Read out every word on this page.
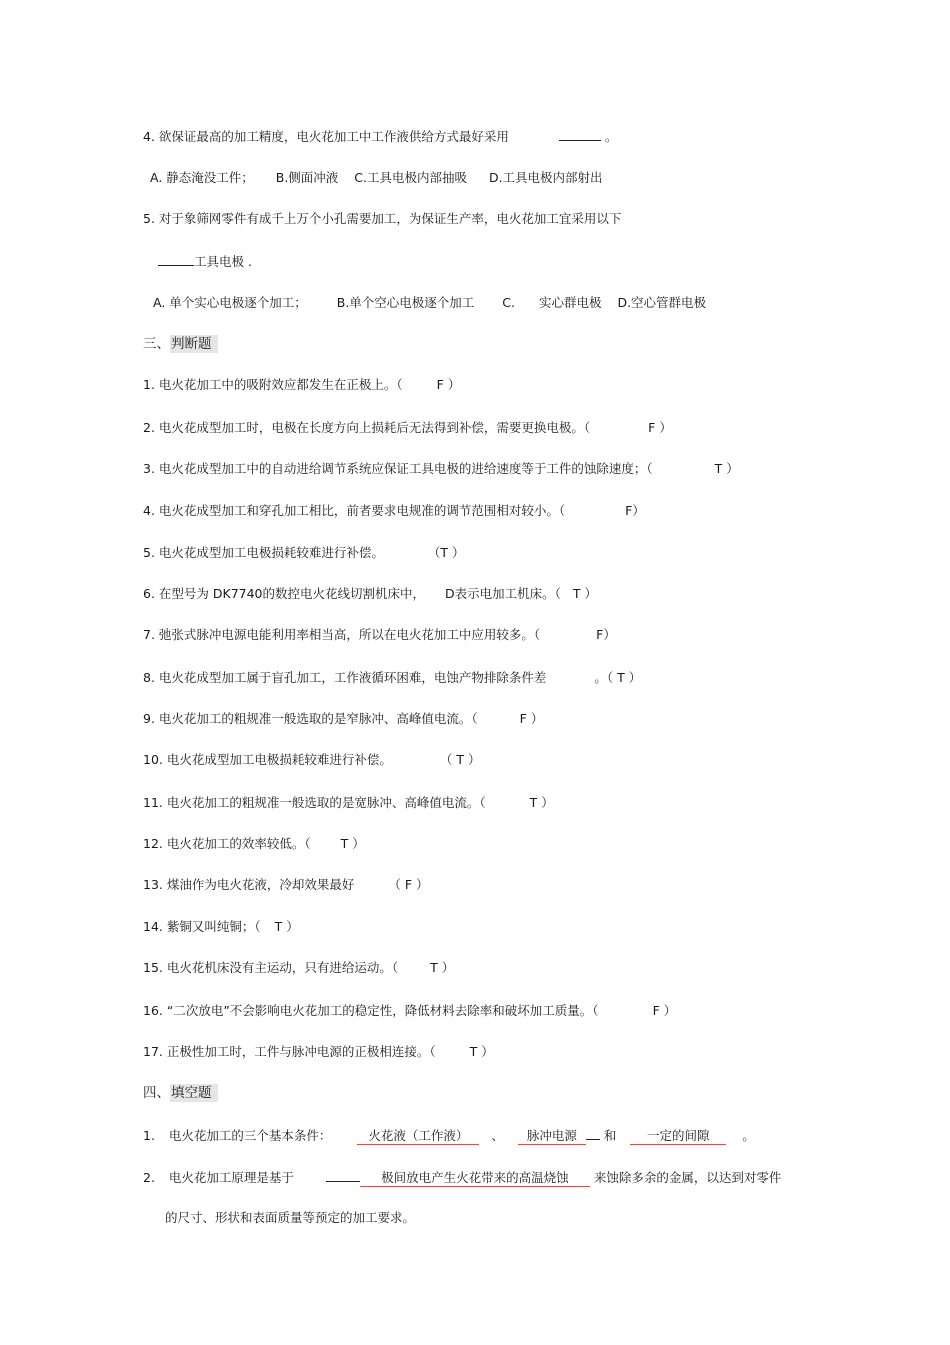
4. 欲保证最高的加工精度，电火花加工中工作液供给方式最好采用	。
A. 静态淹没工件； B.侧面冲液 C.工具电极内部抽吸 D.工具电极内部射出
5. 对于象筛网零件有成千上万个小孔需要加工，为保证生产率，电火花加工宜采用以下
工具电极 .
A. 单个实心电极逐个加工； B.单个空心电极逐个加工 C. 实心群电极 D.空心管群电极
三、判断题
1. 电火花加工中的吸附效应都发生在正极上。（	F ）
2. 电火花成型加工时，电极在长度方向上损耗后无法得到补偿，需要更换电极。（	F ）
3. 电火花成型加工中的自动进给调节系统应保证工具电极的进给速度等于工件的蚀除速度；（	T ）
4. 电火花成型加工和穿孔加工相比，前者要求电规准的调节范围相对较小。（	F）
5. 电火花成型加工电极损耗较难进行补偿。	（T ）
6. 在型号为 DK7740的数控电火花线切割机床中， D表示电加工机床。（ T ）
7. 弛张式脉冲电源电能利用率相当高，所以在电火花加工中应用较多。（	F）
8. 电火花成型加工属于盲孔加工，工作液循环困难，电蚀产物排除条件差	。（ T ）
9. 电火花加工的粗规准一般选取的是窄脉冲、高峰值电流。（	F ）
10. 电火花成型加工电极损耗较难进行补偿。	（ T ）
11. 电火花加工的粗规准一般选取的是宽脉冲、高峰值电流。（	T ）
12. 电火花加工的效率较低。（ T ）
13. 煤油作为电火花液，冷却效果最好	（ F ）
14. 紫铜又叫纯铜；（ T ）
15. 电火花机床没有主运动，只有进给运动。（	T ）
16. “二次放电”不会影响电火花加工的稳定性，降低材料去除率和破坏加工质量。（	F ）
17. 正极性加工时，工件与脉冲电源的正极相连接。（	T ）
四、填空题
1. 电火花加工的三个基本条件：	火花液（工作液） 、 脉冲电源 和 一定的间隙	。
2. 电火花加工原理是基于	极间放电产生火花带来的高温烧蚀 来蚀除多余的金属，以达到对零件
的尺寸、形状和表面质量等预定的加工要求。
